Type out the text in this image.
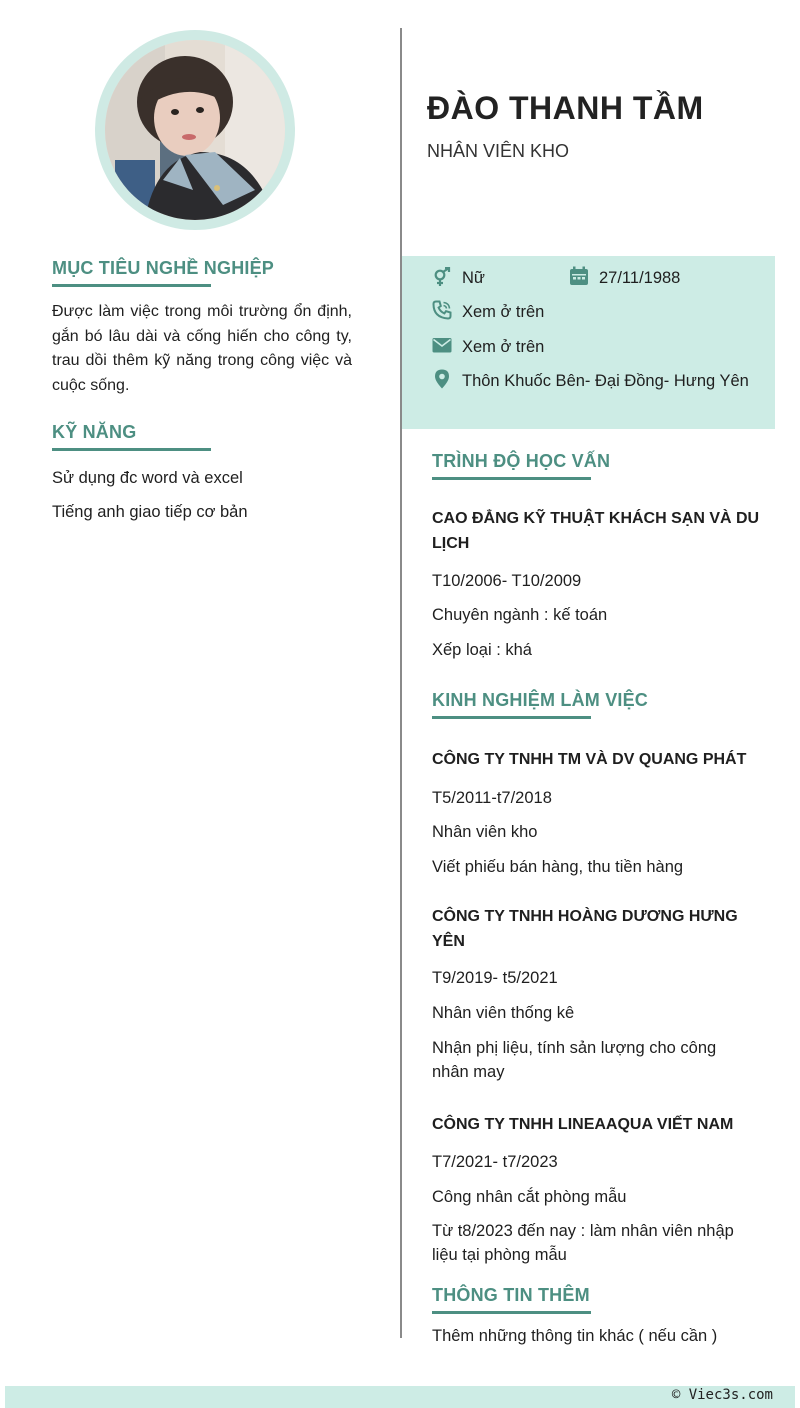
MỤC TIÊU NGHỀ NGHIỆP
Được làm việc trong môi trường ổn định, gắn bó lâu dài và cống hiến cho công ty, trau dồi thêm kỹ năng trong công việc và cuộc sống.
KỸ NĂNG
Sử dụng đc word và excel
Tiếng anh giao tiếp cơ bản
ĐÀO THANH TẦM
NHÂN VIÊN KHO
Nữ	27/11/1988
Xem ở trên
Xem ở trên
Thôn Khuốc Bên- Đại Đồng- Hưng Yên
TRÌNH ĐỘ HỌC VẤN
CAO ĐẲNG KỸ THUẬT KHÁCH SẠN VÀ DU LỊCH
T10/2006- T10/2009
Chuyên ngành : kế toán
Xếp loại : khá
KINH NGHIỆM LÀM VIỆC
CÔNG TY TNHH TM VÀ DV QUANG PHÁT
T5/2011-t7/2018
Nhân viên kho
Viết phiếu bán hàng, thu tiền hàng
CÔNG TY TNHH HOÀNG DƯƠNG HƯNG YÊN
T9/2019- t5/2021
Nhân viên thống kê
Nhận phị liệu, tính sản lượng cho công nhân may
CÔNG TY TNHH LINEAAQUA VIẾT NAM
T7/2021- t7/2023
Công nhân cắt phòng mẫu
Từ t8/2023 đến nay : làm nhân viên nhập liệu tại phòng mẫu
THÔNG TIN THÊM
Thêm những thông tin khác ( nếu cần )
© Viec3s.com
